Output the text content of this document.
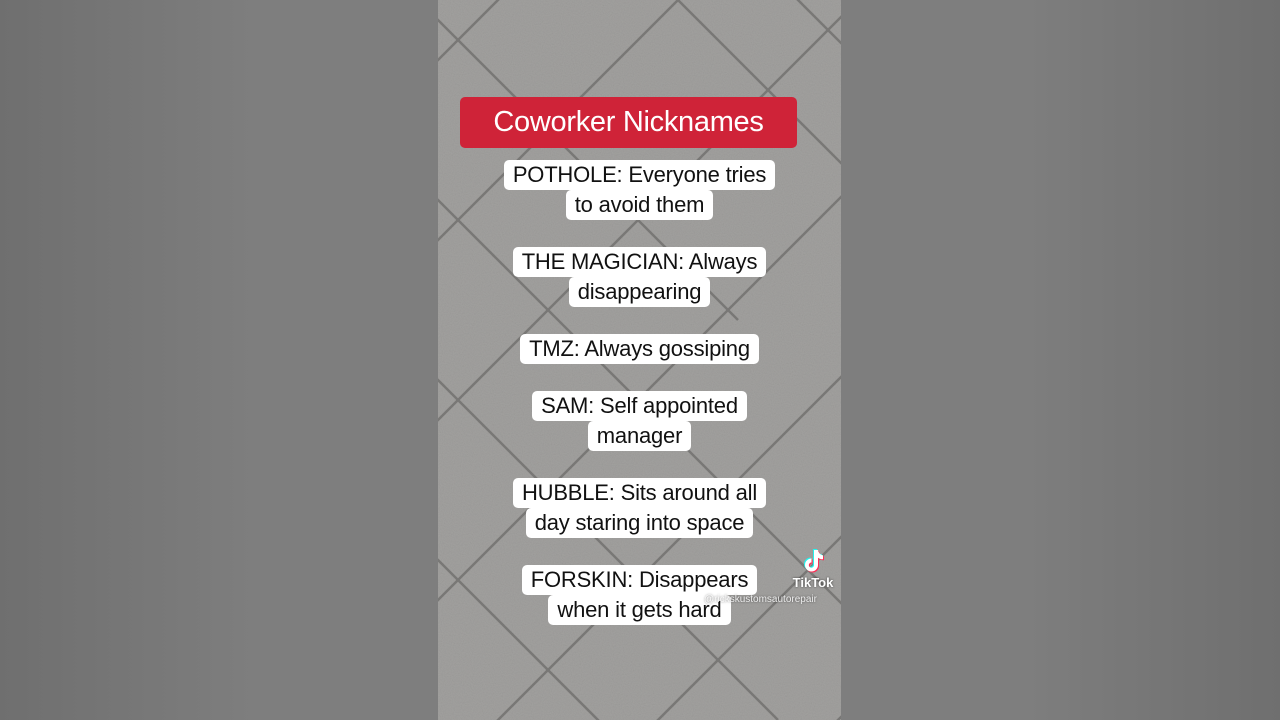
Coworker Nicknames
POTHOLE: Everyone tries
to avoid them
THE MAGICIAN: Always
disappearing
TMZ: Always gossiping
SAM: Self appointed
manager
HUBBLE: Sits around all
day staring into space
FORSKIN: Disappears
when it gets hard
TikTok
@rickskustomsautorepair
